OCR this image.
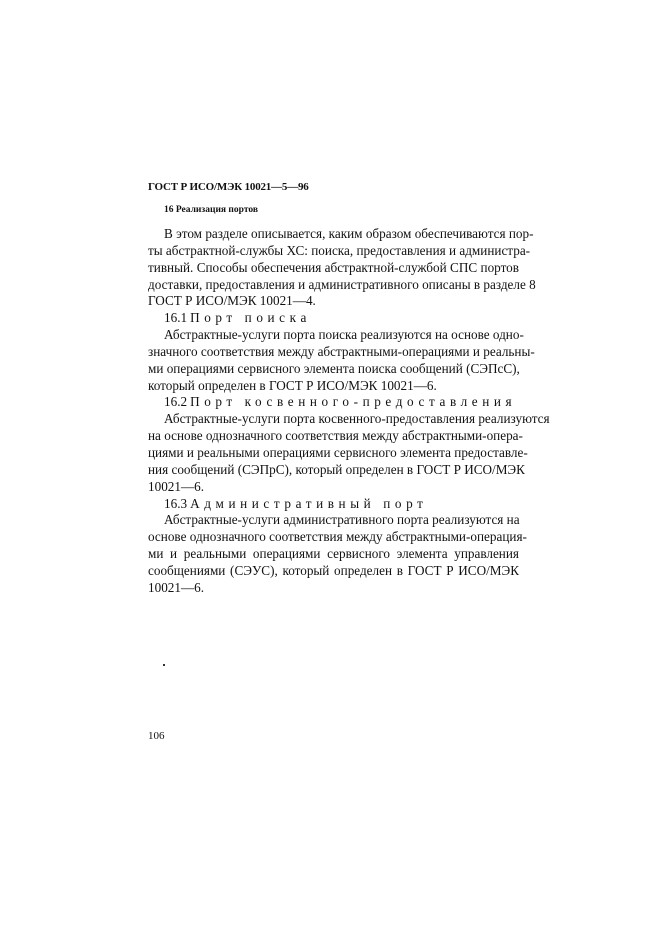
ГОСТ Р ИСО/МЭК 10021—5—96
16 Реализация портов
В этом разделе описывается, каким образом обеспечиваются пор-
ты абстрактной-службы ХС: поиска, предоставления и администра-
тивный. Способы обеспечения абстрактной-службой СПС портов
доставки, предоставления и административного описаны в разделе 8
ГОСТ Р ИСО/МЭК 10021—4.
16.1 Порт поиска
Абстрактные-услуги порта поиска реализуются на основе одно-
значного соответствия между абстрактными-операциями и реальны-
ми операциями сервисного элемента поиска сообщений (СЭПсС),
который определен в ГОСТ Р ИСО/МЭК 10021—6.
16.2 Порт косвенного-предоставления
Абстрактные-услуги порта косвенного-предоставления реализуются
на основе однозначного соответствия между абстрактными-опера-
циями и реальными операциями сервисного элемента предоставле-
ния сообщений (СЭПрС), который определен в ГОСТ Р ИСО/МЭК
10021—6.
16.3 Административный порт
Абстрактные-услуги административного порта реализуются на
основе однозначного соответствия между абстрактными-операция-
ми и реальными операциями сервисного элемента управления
сообщениями (СЭУС), который определен в ГОСТ Р ИСО/МЭК
10021—6.
106
